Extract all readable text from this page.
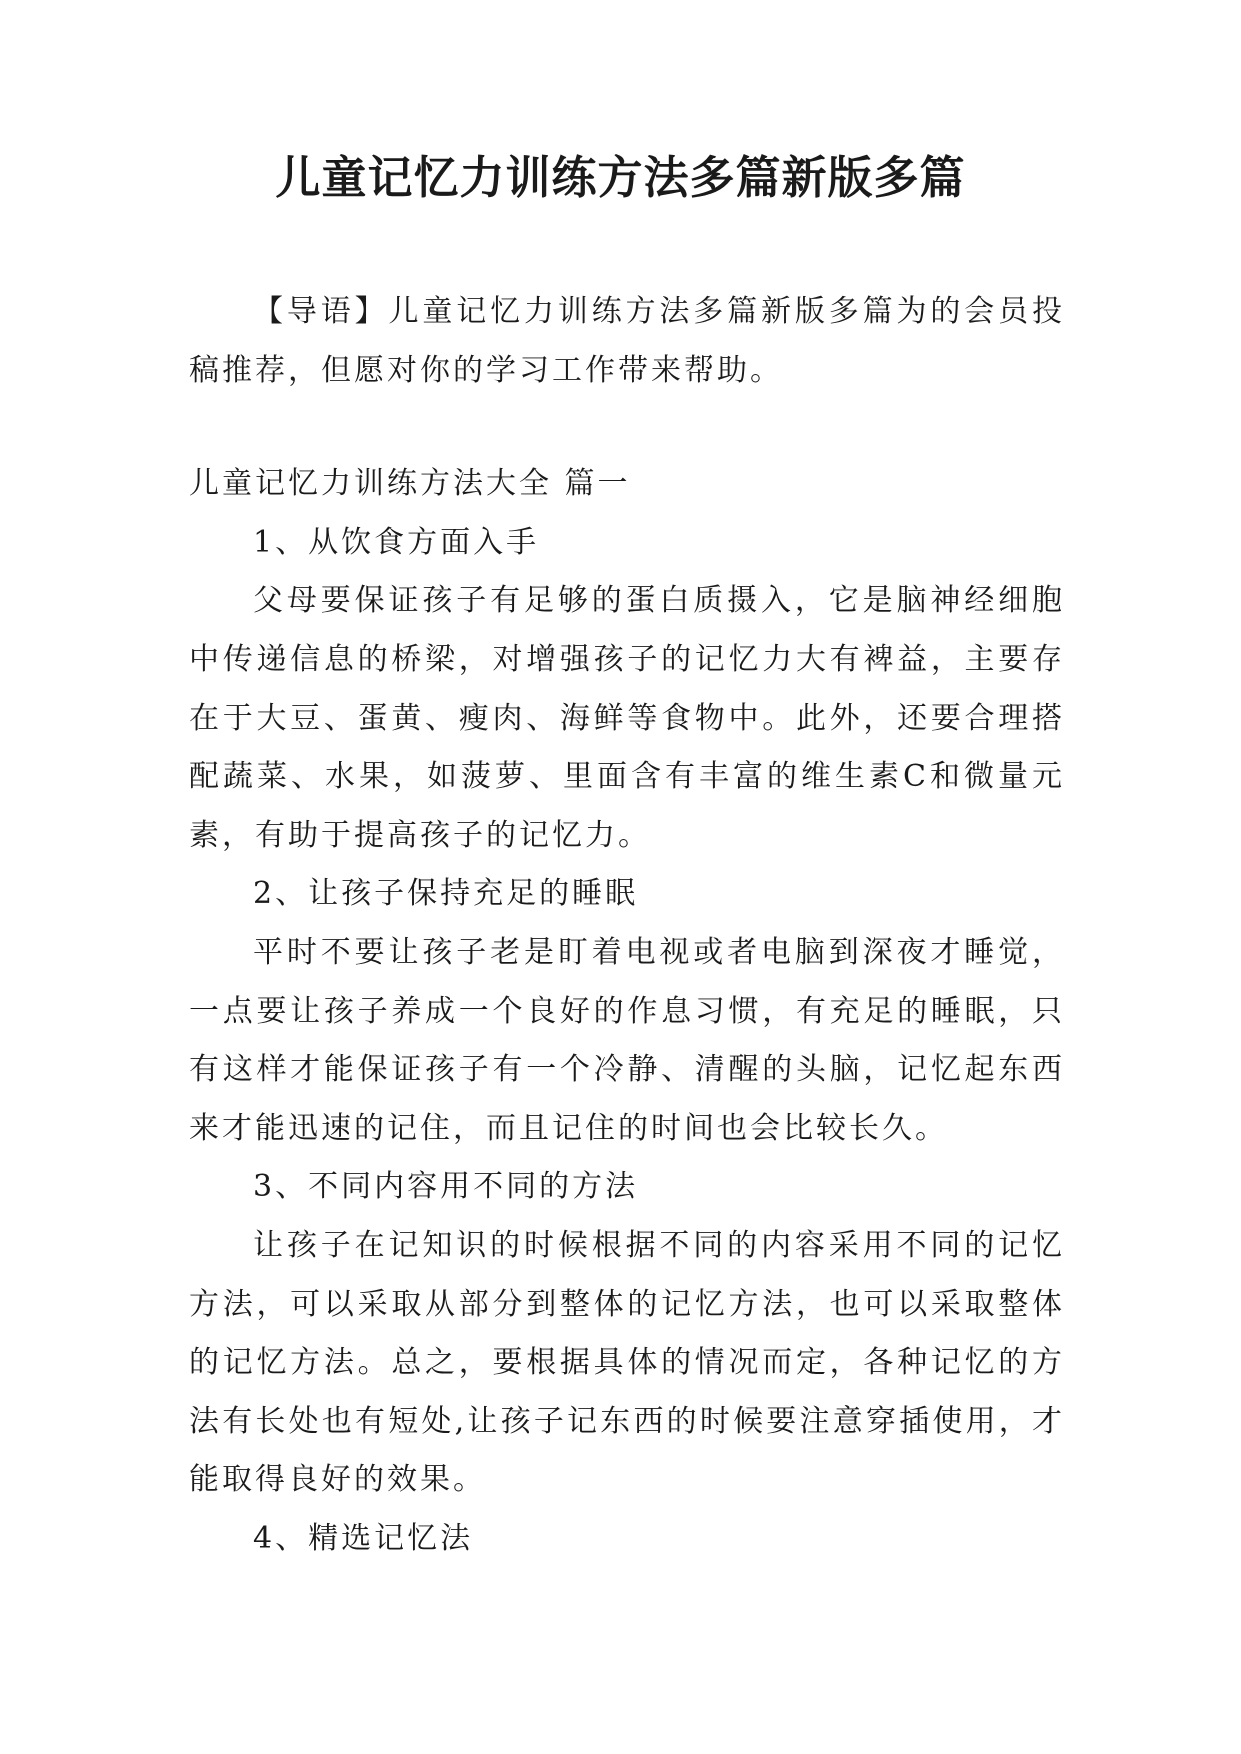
儿童记忆力训练方法多篇新版多篇

【导语】儿童记忆力训练方法多篇新版多篇为的会员投稿推荐，但愿对你的学习工作带来帮助。

儿童记忆力训练方法大全 篇一

1、从饮食方面入手

父母要保证孩子有足够的蛋白质摄入，它是脑神经细胞中传递信息的桥梁，对增强孩子的记忆力大有裨益，主要存在于大豆、蛋黄、瘦肉、海鲜等食物中。此外，还要合理搭配蔬菜、水果，如菠萝、里面含有丰富的维生素C和微量元素，有助于提高孩子的记忆力。

2、让孩子保持充足的睡眠

平时不要让孩子老是盯着电视或者电脑到深夜才睡觉，一点要让孩子养成一个良好的作息习惯，有充足的睡眠，只有这样才能保证孩子有一个冷静、清醒的头脑，记忆起东西来才能迅速的记住，而且记住的时间也会比较长久。

3、不同内容用不同的方法

让孩子在记知识的时候根据不同的内容采用不同的记忆方法，可以采取从部分到整体的记忆方法，也可以采取整体的记忆方法。总之，要根据具体的情况而定，各种记忆的方法有长处也有短处,让孩子记东西的时候要注意穿插使用，才能取得良好的效果。

4、精选记忆法
